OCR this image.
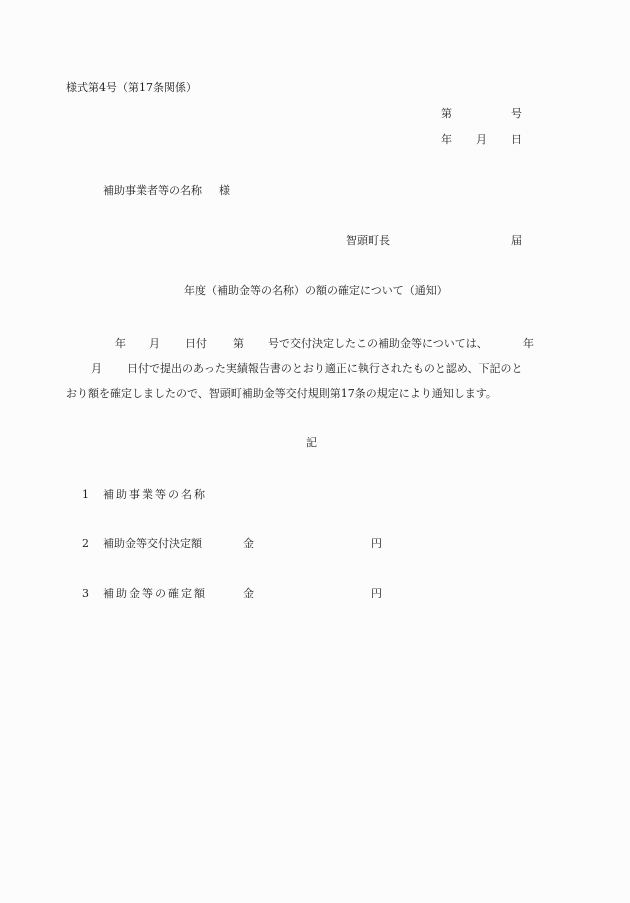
様式第4号（第17条関係）
第	号
年 月 日
補助事業者等の名称 様
智頭町長	届
年度（補助金等の名称）の額の確定について（通知）
年 月 日付 第 号で交付決定したこの補助金等については、	年
月 日付で提出のあった実績報告書のとおり適正に執行されたものと認め、下記のと
おり額を確定しましたので、智頭町補助金等交付規則第17条の規定により通知します。
記
1 補助事業等の名称
2 補助金等交付決定額	金	円
3 補助金等の確定額	金	円
